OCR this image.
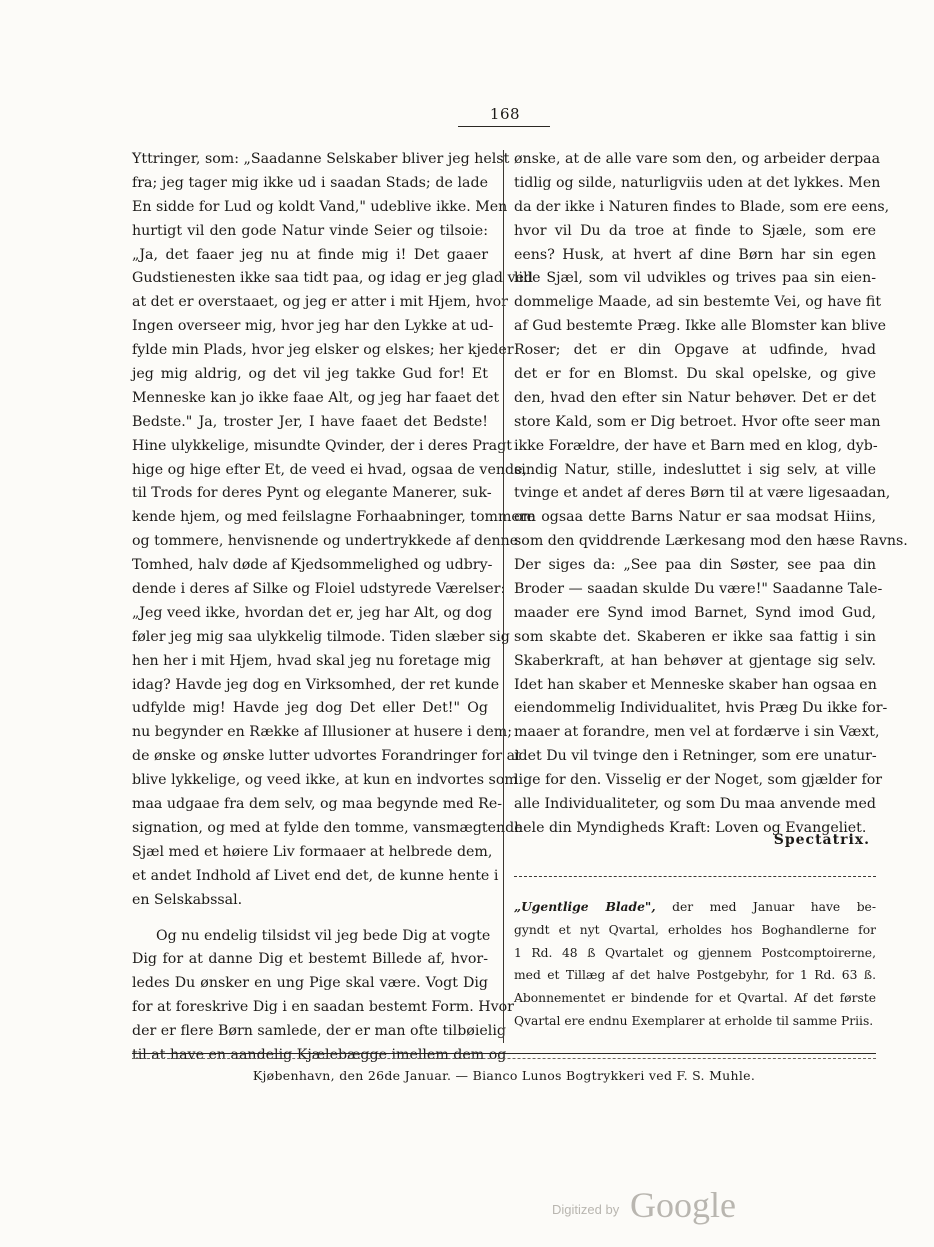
168
Yttringer, som: „Saadanne Selskaber bliver jeg helst
fra; jeg tager mig ikke ud i saadan Stads; de lade
En sidde for Lud og koldt Vand," udeblive ikke. Men
hurtigt vil den gode Natur vinde Seier og tilsoie:
„Ja, det faaer jeg nu at finde mig i! Det gaaer
Gudstienesten ikke saa tidt paa, og idag er jeg glad ved
at det er overstaaet, og jeg er atter i mit Hjem, hvor
Ingen overseer mig, hvor jeg har den Lykke at ud-
fylde min Plads, hvor jeg elsker og elskes; her kjeder
jeg mig aldrig, og det vil jeg takke Gud for! Et
Menneske kan jo ikke faae Alt, og jeg har faaet det
Bedste." Ja, troster Jer, I have faaet det Bedste!
Hine ulykkelige, misundte Qvinder, der i deres Pragt
hige og hige efter Et, de veed ei hvad, ogsaa de vende,
til Trods for deres Pynt og elegante Manerer, suk-
kende hjem, og med feilslagne Forhaabninger, tommere
og tommere, henvisnende og undertrykkede af denne
Tomhed, halv døde af Kjedsommelighed og udbry-
dende i deres af Silke og Floiel udstyrede Værelser:
„Jeg veed ikke, hvordan det er, jeg har Alt, og dog
føler jeg mig saa ulykkelig tilmode. Tiden slæber sig
hen her i mit Hjem, hvad skal jeg nu foretage mig
idag? Havde jeg dog en Virksomhed, der ret kunde
udfylde mig! Havde jeg dog Det eller Det!" Og
nu begynder en Række af Illusioner at husere i dem;
de ønske og ønske lutter udvortes Forandringer for at
blive lykkelige, og veed ikke, at kun en indvortes som
maa udgaae fra dem selv, og maa begynde med Re-
signation, og med at fylde den tomme, vansmægtende
Sjæl med et høiere Liv formaaer at helbrede dem,
et andet Indhold af Livet end det, de kunne hente i
en Selskabssal.
Og nu endelig tilsidst vil jeg bede Dig at vogte
Dig for at danne Dig et bestemt Billede af, hvor-
ledes Du ønsker en ung Pige skal være. Vogt Dig
for at foreskrive Dig i en saadan bestemt Form. Hvor
der er flere Børn samlede, der er man ofte tilbøielig
til at have en aandelig Kjælebægge imellem dem og
ønske, at de alle vare som den, og arbeider derpaa
tidlig og silde, naturligviis uden at det lykkes. Men
da der ikke i Naturen findes to Blade, som ere eens,
hvor vil Du da troe at finde to Sjæle, som ere
eens? Husk, at hvert af dine Børn har sin egen
lille Sjæl, som vil udvikles og trives paa sin eien-
dommelige Maade, ad sin bestemte Vei, og have fit
af Gud bestemte Præg. Ikke alle Blomster kan blive
Roser; det er din Opgave at udfinde, hvad
det er for en Blomst. Du skal opelske, og give
den, hvad den efter sin Natur behøver. Det er det
store Kald, som er Dig betroet. Hvor ofte seer man
ikke Forældre, der have et Barn med en klog, dyb-
sindig Natur, stille, indesluttet i sig selv, at ville
tvinge et andet af deres Børn til at være ligesaadan,
om ogsaa dette Barns Natur er saa modsat Hiins,
som den qviddrende Lærkesang mod den hæse Ravns.
Der siges da: „See paa din Søster, see paa din
Broder — saadan skulde Du være!" Saadanne Tale-
maader ere Synd imod Barnet, Synd imod Gud,
som skabte det. Skaberen er ikke saa fattig i sin
Skaberkraft, at han behøver at gjentage sig selv.
Idet han skaber et Menneske skaber han ogsaa en
eiendommelig Individualitet, hvis Præg Du ikke for-
maaer at forandre, men vel at fordærve i sin Væxt,
idet Du vil tvinge den i Retninger, som ere unatur-
lige for den. Visselig er der Noget, som gjælder for
alle Individualiteter, og som Du maa anvende med
hele din Myndigheds Kraft: Loven og Evangeliet.
Spectatrix.
„Ugentlige Blade", der med Januar have be-
gyndt et nyt Qvartal, erholdes hos Boghandlerne for
1 Rd. 48 ß Qvartalet og gjennem Postcomptoirerne,
med et Tillæg af det halve Postgebyhr, for 1 Rd. 63 ß.
Abonnementet er bindende for et Qvartal. Af det første
Qvartal ere endnu Exemplarer at erholde til samme Priis.
Kjøbenhavn, den 26de Januar. — Bianco Lunos Bogtrykkeri ved F. S. Muhle.
Digitized by Google
